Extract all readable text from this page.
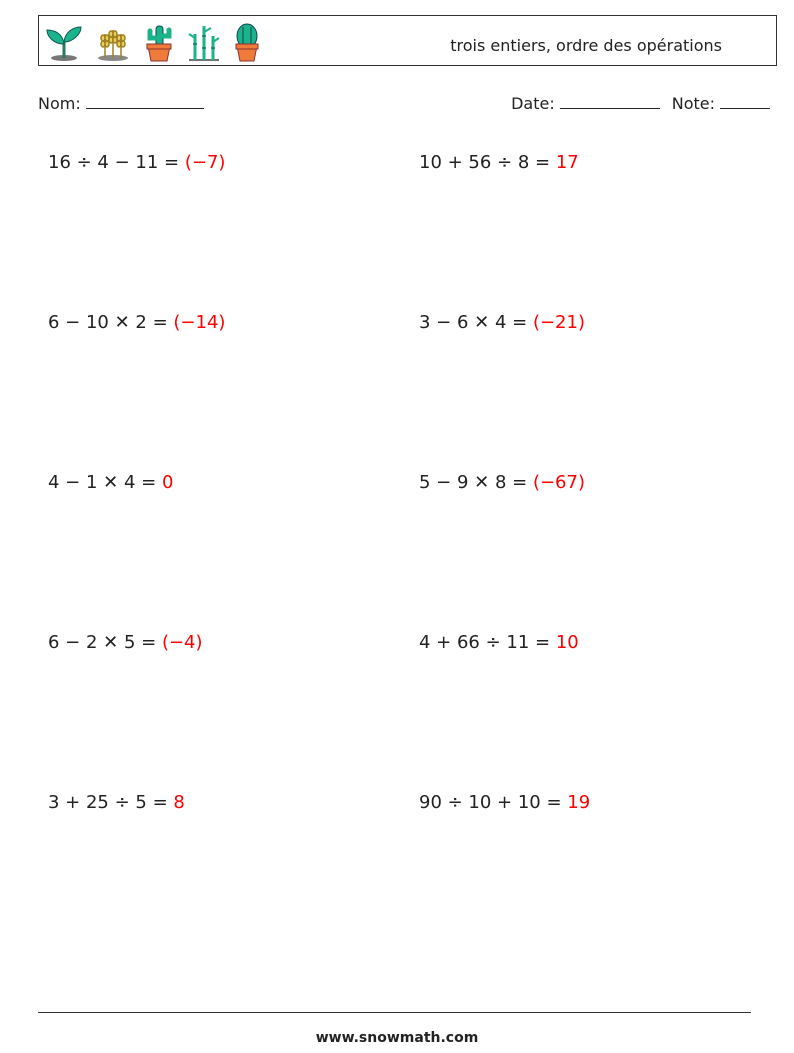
trois entiers, ordre des opérations
Nom:	Date:	Note:
16 ÷ 4 − 11 = (−7)	10 + 56 ÷ 8 = 17
6 − 10 ✕ 2 = (−14)	3 − 6 ✕ 4 = (−21)
4 − 1 ✕ 4 = 0	5 − 9 ✕ 8 = (−67)
6 − 2 ✕ 5 = (−4)	4 + 66 ÷ 11 = 10
3 + 25 ÷ 5 = 8	90 ÷ 10 + 10 = 19
www.snowmath.com
